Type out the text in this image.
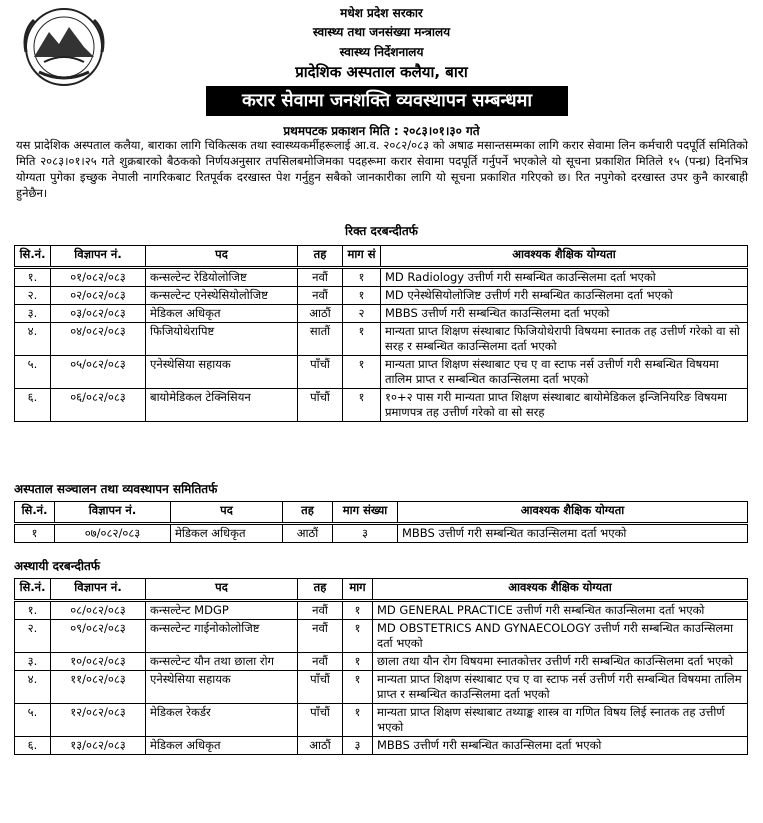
मधेश प्रदेश सरकार
स्वास्थ्य तथा जनसंख्या मन्त्रालय
स्वास्थ्य निर्देशनालय
प्रादेशिक अस्पताल कलैया, बारा
करार सेवामा जनशक्ति व्यवस्थापन सम्बन्धमा
प्रथमपटक प्रकाशन मिति : २०८३।०१।३० गते
यस प्रादेशिक अस्पताल कलैया, बाराका लागि चिकित्सक तथा स्वास्थ्यकर्मीहरूलाई आ.व. २०८२/०८३ को अषाढ मसान्तसम्मका लागि करार सेवामा लिन कर्मचारी पदपूर्ति समितिको मिति २०८३।०१।२५ गते शुक्रबारको बैठकको निर्णयअनुसार तपसिलबमोजिमका पदहरूमा करार सेवामा पदपूर्ति गर्नुपर्ने भएकोले यो सूचना प्रकाशित मितिले १५ (पन्ध्र) दिनभित्र योग्यता पुगेका इच्छुक नेपाली नागरिकबाट रितपूर्वक दरखास्त पेश गर्नुहुन सबैको जानकारीका लागि यो सूचना प्रकाशित गरिएको छ। रित नपुगेको दरखास्त उपर कुनै कारबाही हुनेछैन।
रिक्त दरबन्दीतर्फ
सि.नं.	विज्ञापन नं.	पद	तह	माग सं	आवश्यक शैक्षिक योग्यता
१.	०१/०८२/०८३	कन्सल्टेन्ट रेडियोलोजिष्ट	नवौं	१	MD Radiology उत्तीर्ण गरी सम्बन्धित काउन्सिलमा दर्ता भएको
२.	०२/०८२/०८३	कन्सल्टेन्ट एनेस्थेसियोलोजिष्ट	नवौं	१	MD एनेस्थेसियोलोजिष्ट उत्तीर्ण गरी सम्बन्धित काउन्सिलमा दर्ता भएको
३.	०३/०८२/०८३	मेडिकल अधिकृत	आठौं	२	MBBS उत्तीर्ण गरी सम्बन्धित काउन्सिलमा दर्ता भएको
४.	०४/०८२/०८३	फिजियोथेरापिष्ट	सातौं	१	मान्यता प्राप्त शिक्षण संस्थाबाट फिजियोथेरापी विषयमा स्नातक तह उत्तीर्ण गरेको वा सो सरह र सम्बन्धित काउन्सिलमा दर्ता भएको
५.	०५/०८२/०८३	एनेस्थेसिया सहायक	पाँचौं	१	मान्यता प्राप्त शिक्षण संस्थाबाट एच ए वा स्टाफ नर्स उत्तीर्ण गरी सम्बन्धित विषयमा तालिम प्राप्त र सम्बन्धित काउन्सिलमा दर्ता भएको
६.	०६/०८२/०८३	बायोमेडिकल टेक्निसियन	पाँचौं	१	१०+२ पास गरी मान्यता प्राप्त शिक्षण संस्थाबाट बायोमेडिकल इन्जिनियरिङ विषयमा प्रमाणपत्र तह उत्तीर्ण गरेको वा सो सरह
अस्पताल सञ्चालन तथा व्यवस्थापन समितितर्फ
सि.नं.	विज्ञापन नं.	पद	तह	माग संख्या	आवश्यक शैक्षिक योग्यता
१	०७/०८२/०८३	मेडिकल अधिकृत	आठौं	३	MBBS उत्तीर्ण गरी सम्बन्धित काउन्सिलमा दर्ता भएको
अस्थायी दरबन्दीतर्फ
सि.नं.	विज्ञापन नं.	पद	तह	माग	आवश्यक शैक्षिक योग्यता
१.	०८/०८२/०८३	कन्सल्टेन्ट MDGP	नवौं	१	MD GENERAL PRACTICE उत्तीर्ण गरी सम्बन्धित काउन्सिलमा दर्ता भएको
२.	०९/०८२/०८३	कन्सल्टेन्ट गाईनोकोलोजिष्ट	नवौं	१	MD OBSTETRICS AND GYNAECOLOGY उत्तीर्ण गरी सम्बन्धित काउन्सिलमा दर्ता भएको
३.	१०/०८२/०८३	कन्सल्टेन्ट यौन तथा छाला रोग	नवौं	१	छाला तथा यौन रोग विषयमा स्नातकोत्तर उत्तीर्ण गरी सम्बन्धित काउन्सिलमा दर्ता भएको
४.	११/०८२/०८३	एनेस्थेसिया सहायक	पाँचौं	१	मान्यता प्राप्त शिक्षण संस्थाबाट एच ए वा स्टाफ नर्स उत्तीर्ण गरी सम्बन्धित विषयमा तालिम प्राप्त र सम्बन्धित काउन्सिलमा दर्ता भएको
५.	१२/०८२/०८३	मेडिकल रेकर्डर	पाँचौं	१	मान्यता प्राप्त शिक्षण संस्थाबाट तथ्याङ्क शास्त्र वा गणित विषय लिई स्नातक तह उत्तीर्ण भएको
६.	१३/०८२/०८३	मेडिकल अधिकृत	आठौं	३	MBBS उत्तीर्ण गरी सम्बन्धित काउन्सिलमा दर्ता भएको
